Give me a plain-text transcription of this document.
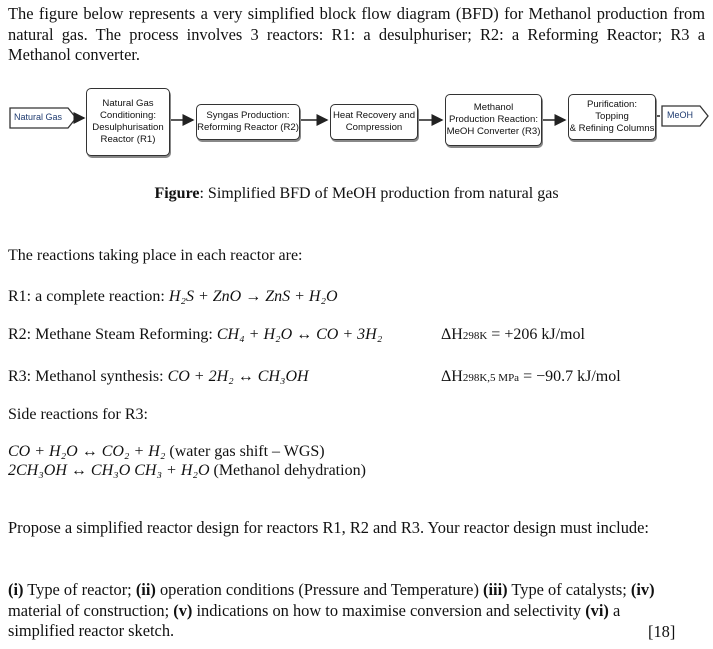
The figure below represents a very simplified block flow diagram (BFD) for Methanol production from natural gas. The process involves 3 reactors: R1: a desulphuriser; R2: a Reforming Reactor; R3 a Methanol converter.

Natural Gas	MeOH
Natural Gas
Conditioning:
Desulphurisation
Reactor (R1)
Syngas Production:
Reforming Reactor (R2)
Heat Recovery and
Compression
Methanol
Production Reaction:
MeOH Converter (R3)
Purification: Topping
& Refining Columns

Figure: Simplified BFD of MeOH production from natural gas

The reactions taking place in each reactor are:

R1: a complete reaction: H₂S + ZnO → ZnS + H₂O

R2: Methane Steam Reforming: CH₄ + H₂O ↔ CO + 3H₂	ΔH298K = +206 kJ/mol

R3: Methanol synthesis: CO + 2H₂ ↔ CH₃OH	ΔH298K,5 MPa = −90.7 kJ/mol

Side reactions for R3:

CO + H₂O ↔ CO₂ + H₂ (water gas shift – WGS)

2CH₃OH ↔ CH₃O CH₃ + H₂O (Methanol dehydration)

Propose a simplified reactor design for reactors R1, R2 and R3. Your reactor design must include:

(i) Type of reactor; (ii) operation conditions (Pressure and Temperature) (iii) Type of catalysts; (iv) material of construction; (v) indications on how to maximise conversion and selectivity (vi) a simplified reactor sketch.	[18]
